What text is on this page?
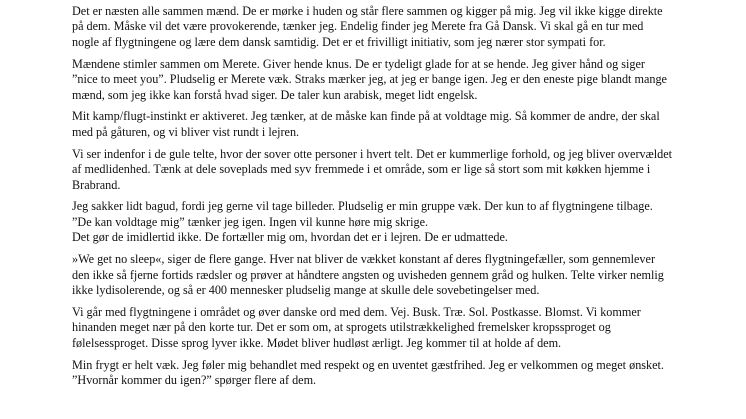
Det er næsten alle sammen mænd. De er mørke i huden og står flere sammen og kigger på mig. Jeg vil ikke kigge direkte på dem. Måske vil det være provokerende, tænker jeg. Endelig finder jeg Merete fra Gå Dansk. Vi skal gå en tur med nogle af flygtningene og lære dem dansk samtidig. Det er et frivilligt initiativ, som jeg nærer stor sympati for.

Mændene stimler sammen om Merete. Giver hende knus. De er tydeligt glade for at se hende. Jeg giver hånd og siger ”nice to meet you”. Pludselig er Merete væk. Straks mærker jeg, at jeg er bange igen. Jeg er den eneste pige blandt mange mænd, som jeg ikke kan forstå hvad siger. De taler kun arabisk, meget lidt engelsk.

Mit kamp/flugt-instinkt er aktiveret. Jeg tænker, at de måske kan finde på at voldtage mig. Så kommer de andre, der skal med på gåturen, og vi bliver vist rundt i lejren.

Vi ser indenfor i de gule telte, hvor der sover otte personer i hvert telt. Det er kummerlige forhold, og jeg bliver overvældet af medlidenhed. Tænk at dele soveplads med syv fremmede i et område, som er lige så stort som mit køkken hjemme i Brabrand.

Jeg sakker lidt bagud, fordi jeg gerne vil tage billeder. Pludselig er min gruppe væk. Der kun to af flygtningene tilbage. ”De kan voldtage mig” tænker jeg igen. Ingen vil kunne høre mig skrige.
Det gør de imidlertid ikke. De fortæller mig om, hvordan det er i lejren. De er udmattede.

»We get no sleep«, siger de flere gange. Hver nat bliver de vækket konstant af deres flygtningefæller, som gennemlever den ikke så fjerne fortids rædsler og prøver at håndtere angsten og uvisheden gennem gråd og hulken. Telte virker nemlig ikke lydisolerende, og så er 400 mennesker pludselig mange at skulle dele sovebetingelser med.

Vi går med flygtningene i området og øver danske ord med dem. Vej. Busk. Træ. Sol. Postkasse. Blomst. Vi kommer hinanden meget nær på den korte tur. Det er som om, at sprogets utilstrækkelighed fremelsker kropssproget og følelsessproget. Disse sprog lyver ikke. Mødet bliver hudløst ærligt. Jeg kommer til at holde af dem.

Min frygt er helt væk. Jeg føler mig behandlet med respekt og en uventet gæstfrihed. Jeg er velkommen og meget ønsket. ”Hvornår kommer du igen?” spørger flere af dem.
